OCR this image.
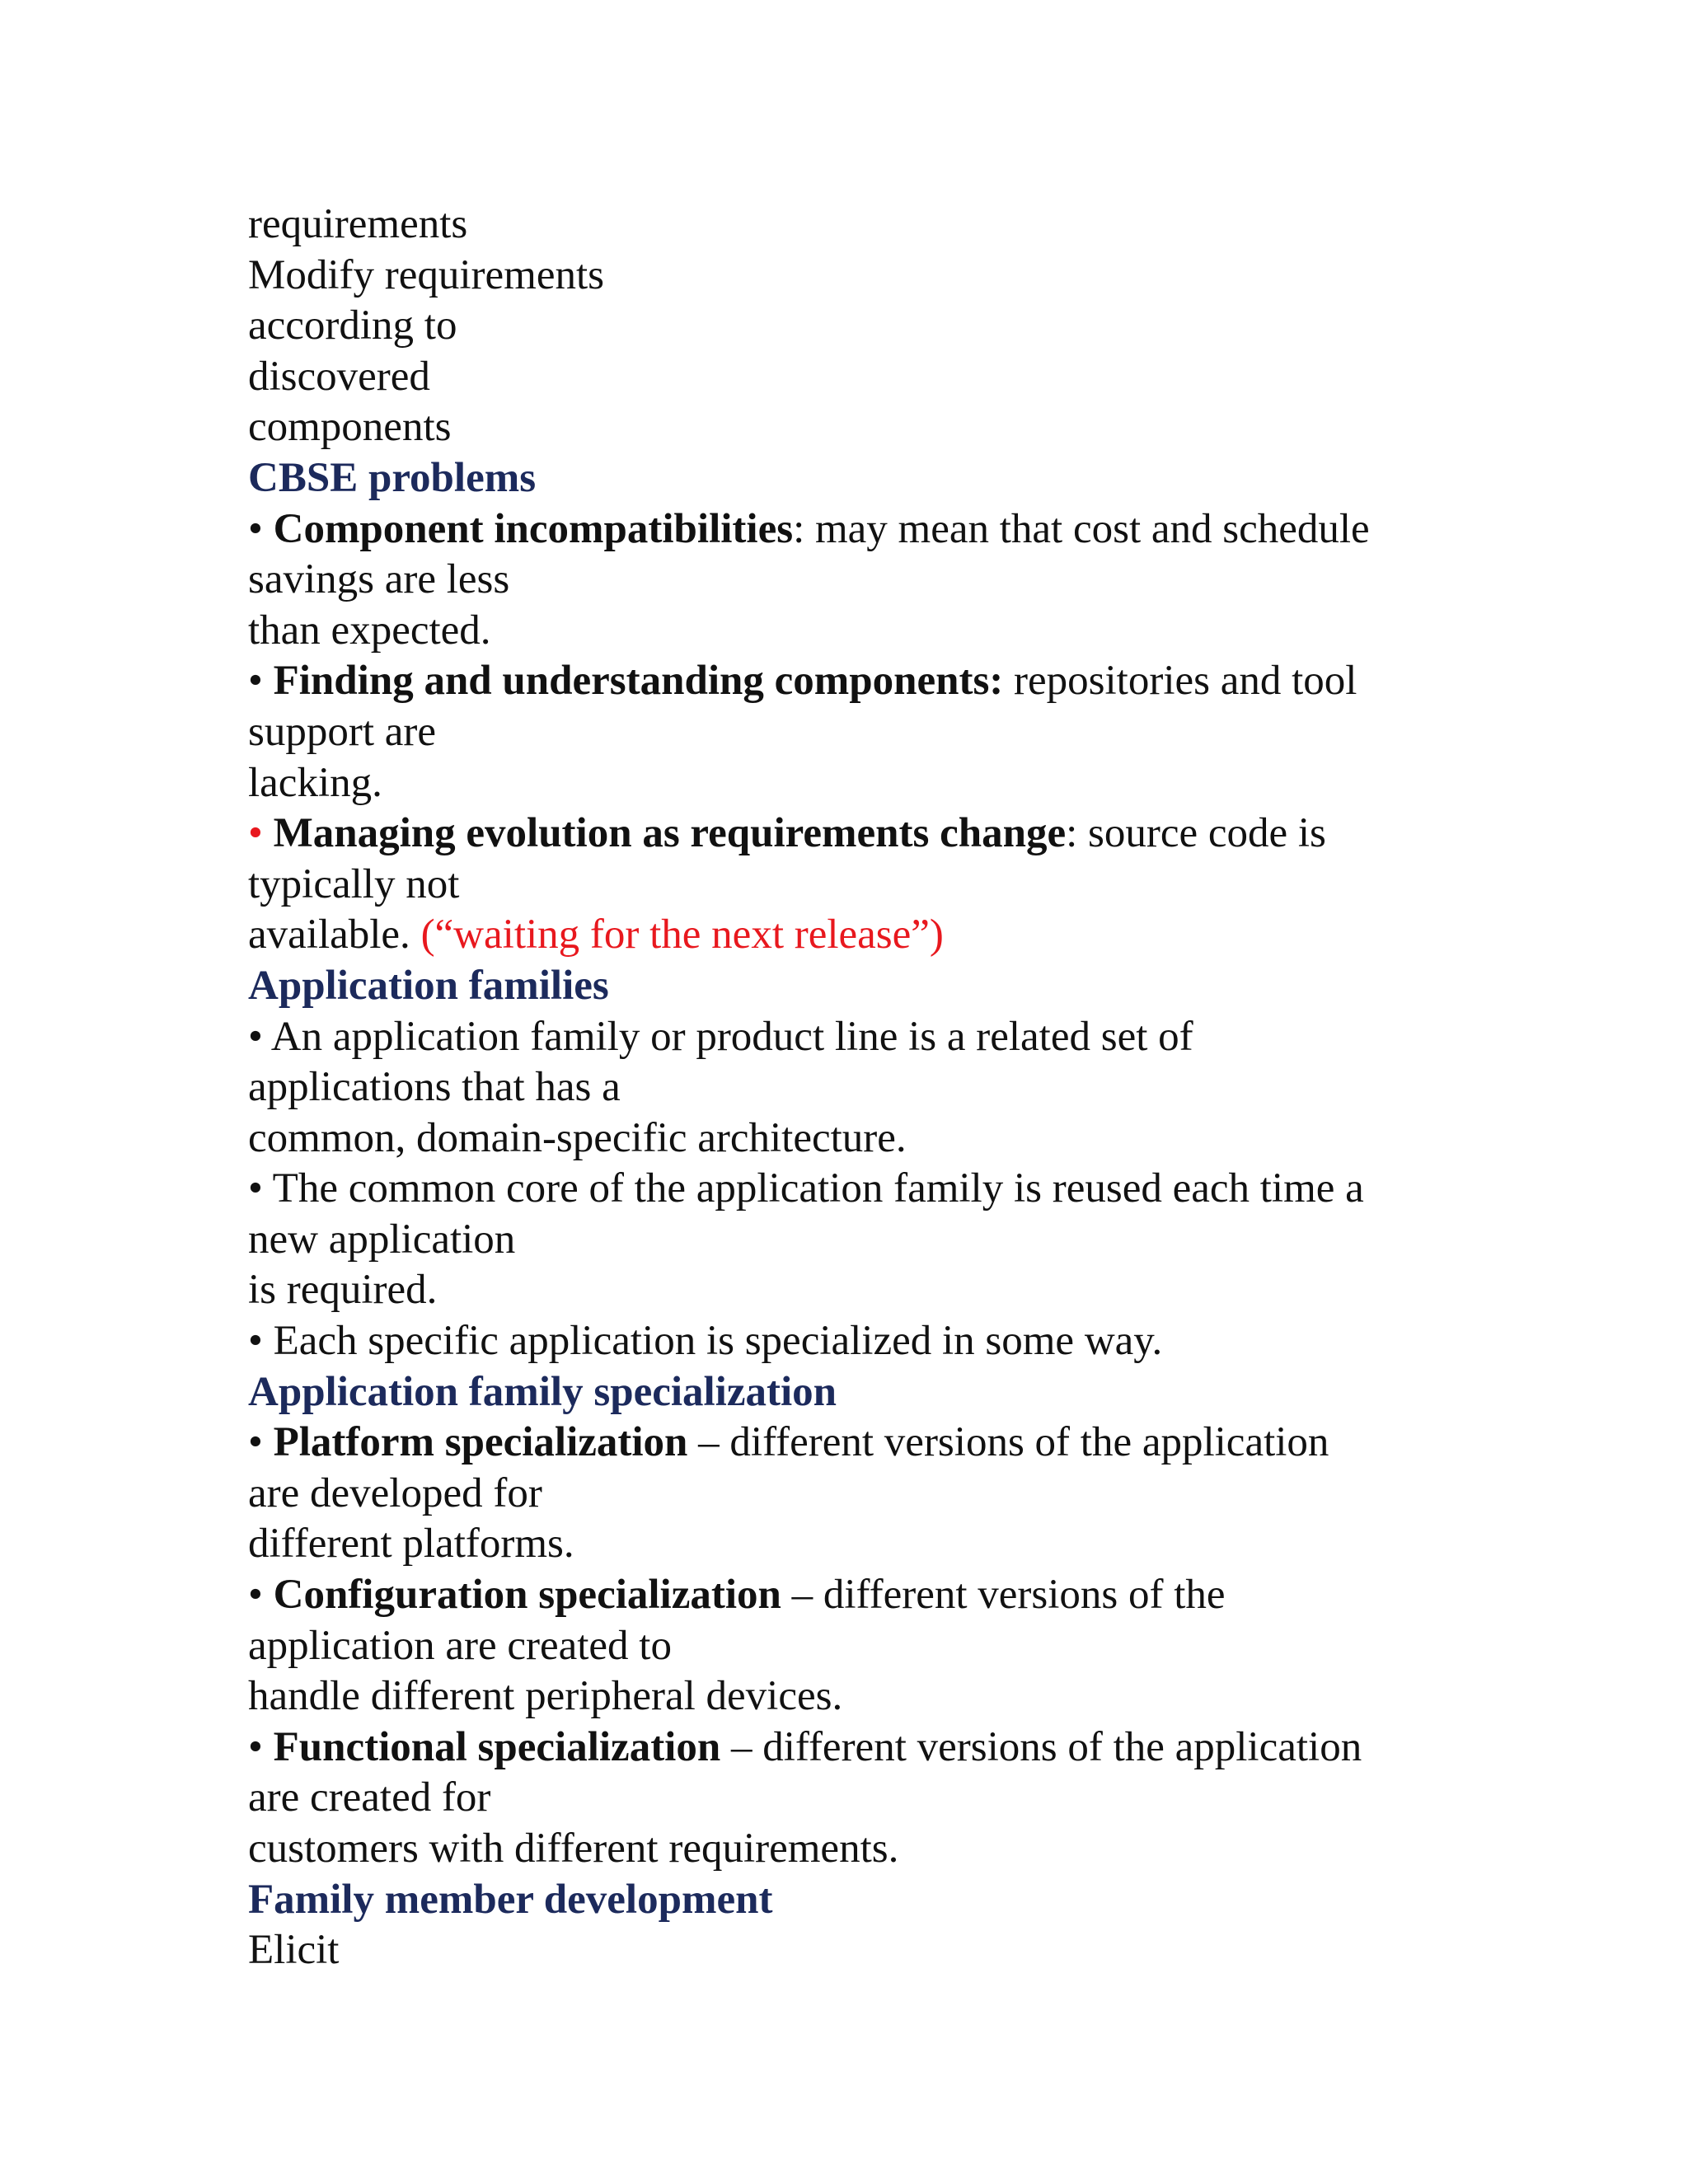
requirements
Modify requirements
according to
discovered
components
CBSE problems
• Component incompatibilities: may mean that cost and schedule
savings are less
than expected.
• Finding and understanding components: repositories and tool
support are
lacking.
• Managing evolution as requirements change: source code is
typically not
available. (“waiting for the next release”)
Application families
• An application family or product line is a related set of
applications that has a
common, domain-specific architecture.
• The common core of the application family is reused each time a
new application
is required.
• Each specific application is specialized in some way.
Application family specialization
• Platform specialization – different versions of the application
are developed for
different platforms.
• Configuration specialization – different versions of the
application are created to
handle different peripheral devices.
• Functional specialization – different versions of the application
are created for
customers with different requirements.
Family member development
Elicit
